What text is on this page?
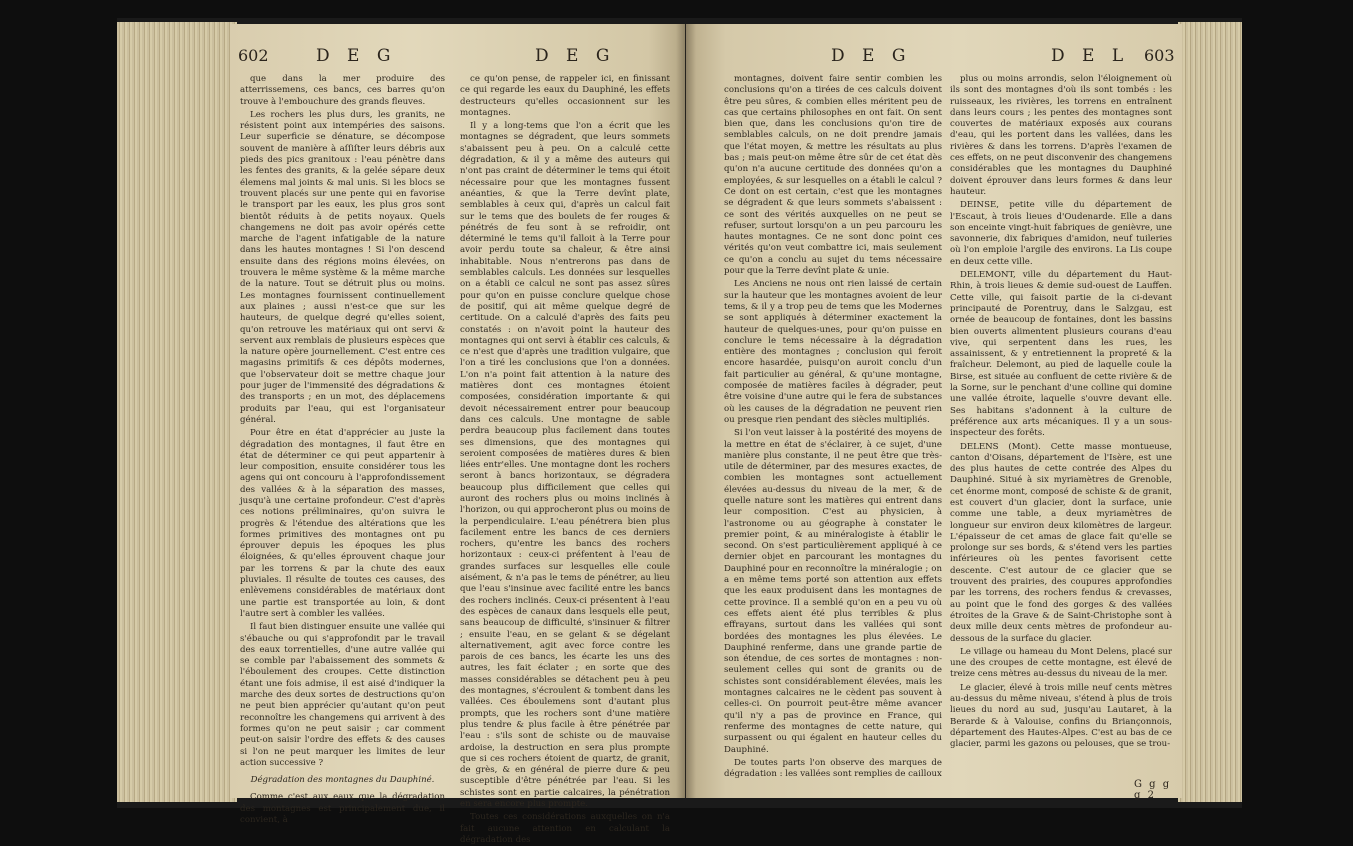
602	D E G	D E G

que dans la mer produire des atterrissemens, ces bancs, ces barres qu'on trouve à l'embouchure des grands fleuves.

Les rochers les plus durs, les granits, ne résistent point aux intempéries des saisons. Leur superficie se dénature, se décompose souvent de manière à aſſiſter leurs débris aux pieds des pics granitoux : l'eau pénètre dans les fentes des granits, & la gelée sépare deux élemens mal joints & mal unis. Si les blocs se trouvent placés sur une pente qui en favorise le transport par les eaux, les plus gros sont bientôt réduits à de petits noyaux. Quels changemens ne doit pas avoir opérés cette marche de l'agent infatigable de la nature dans les hautes montagnes ! Si l'on descend ensuite dans des régions moins élevées, on trouvera le même système & la même marche de la nature. Tout se détruit plus ou moins. Les montagnes fournissent continuellement aux plaines ; aussi n'est-ce que sur les hauteurs, de quelque degré qu'elles soient, qu'on retrouve les matériaux qui ont servi & servent aux remblais de plusieurs espèces que la nature opère journellement. C'est entre ces magasins primitifs & ces dépôts modernes, que l'observateur doit se mettre chaque jour pour juger de l'immensité des dégradations & des transports ; en un mot, des déplacemens produits par l'eau, qui est l'organisateur général.

Pour être en état d'apprécier au juste la dégradation des montagnes, il faut être en état de déterminer ce qui peut appartenir à leur composition, ensuite considérer tous les agens qui ont concouru à l'approfondissement des vallées & à la séparation des masses, jusqu'à une certaine profondeur. C'est d'après ces notions préliminaires, qu'on suivra le progrès & l'étendue des altérations que les formes primitives des montagnes ont pu éprouver depuis les époques les plus éloignées, & qu'elles éprouvent chaque jour par les torrens & par la chute des eaux pluviales. Il résulte de toutes ces causes, des enlèvemens considérables de matériaux dont une partie est transportée au loin, & dont l'autre sert à combler les vallées.

Il faut bien distinguer ensuite une vallée qui s'ébauche ou qui s'approfondit par le travail des eaux torrentielles, d'une autre vallée qui se comble par l'abaissement des sommets & l'éboulement des croupes. Cette distinction étant une fois admise, il est aisé d'indiquer la marche des deux sortes de destructions qu'on ne peut bien apprécier qu'autant qu'on peut reconnoître les changemens qui arrivent à des formes qu'on ne peut saisir ; car comment peut-on saisir l'ordre des effets & des causes si l'on ne peut marquer les limites de leur action successive ?

Dégradation des montagnes du Dauphiné.

Comme c'est aux eaux que la dégradation des montagnes est principalement due, il convient, à

ce qu'on pense, de rappeler ici, en finissant ce qui regarde les eaux du Dauphiné, les effets destructeurs qu'elles occasionnent sur les montagnes.

Il y a long-tems que l'on a écrit que les montagnes se dégradent, que leurs sommets s'abaissent peu à peu. On a calculé cette dégradation, & il y a même des auteurs qui n'ont pas craint de déterminer le tems qui étoit nécessaire pour que les montagnes fussent anéanties, & que la Terre devînt plate, semblables à ceux qui, d'après un calcul fait sur le tems que des boulets de fer rouges & pénétrés de feu sont à se refroidir, ont déterminé le tems qu'il falloit à la Terre pour avoir perdu toute sa chaleur, & être ainsi inhabitable. Nous n'entrerons pas dans de semblables calculs. Les données sur lesquelles on a établi ce calcul ne sont pas assez sûres pour qu'on en puisse conclure quelque chose de positif, qui ait même quelque degré de certitude. On a calculé d'après des faits peu constatés : on n'avoit point la hauteur des montagnes qui ont servi à établir ces calculs, & ce n'est que d'après une tradition vulgaire, que l'on a tiré les conclusions que l'on a données. L'on n'a point fait attention à la nature des matières dont ces montagnes étoient composées, considération importante & qui devoit nécessairement entrer pour beaucoup dans ces calculs. Une montagne de sable perdra beaucoup plus facilement dans toutes ses dimensions, que des montagnes qui seroient composées de matières dures & bien liées entr'elles. Une montagne dont les rochers seront à bancs horizontaux, se dégradera beaucoup plus difficilement que celles qui auront des rochers plus ou moins inclinés à l'horizon, ou qui approcheront plus ou moins de la perpendiculaire. L'eau pénétrera bien plus facilement entre les bancs de ces derniers rochers, qu'entre les bancs des rochers horizontaux : ceux-ci préfentent à l'eau de grandes surfaces sur lesquelles elle coule aisément, & n'a pas le tems de pénétrer, au lieu que l'eau s'insinue avec facilité entre les bancs des rochers inclinés. Ceux-ci présentent à l'eau des espèces de canaux dans lesquels elle peut, sans beaucoup de difficulté, s'insinuer & filtrer ; ensuite l'eau, en se gelant & se dégelant alternativement, agit avec force contre les parois de ces bancs, les écarte les uns des autres, les fait éclater ; en sorte que des masses considérables se détachent peu à peu des montagnes, s'écroulent & tombent dans les vallées. Ces éboulemens sont d'autant plus prompts, que les rochers sont d'une matière plus tendre & plus facile à être pénétrée par l'eau : s'ils sont de schiste ou de mauvaise ardoise, la destruction en sera plus prompte que si ces rochers étoient de quartz, de granit, de grès, & en général de pierre dure & peu susceptible d'être pénétrée par l'eau. Si les schistes sont en partie calcaires, la pénétration en sera encore plus prompte.

Toutes ces considérations auxquelles on n'a fait aucune attention en calculant la dégradation des

D E G	D E L 603

montagnes, doivent faire sentir combien les conclusions qu'on a tirées de ces calculs doivent être peu sûres, & combien elles méritent peu de cas que certains philosophes en ont fait. On sent bien que, dans les conclusions qu'on tire de semblables calculs, on ne doit prendre jamais que l'état moyen, & mettre les résultats au plus bas ; mais peut-on même être sûr de cet état dès qu'on n'a aucune certitude des données qu'on a employées, & sur lesquelles on a établi le calcul ? Ce dont on est certain, c'est que les montagnes se dégradent & que leurs sommets s'abaissent : ce sont des vérités auxquelles on ne peut se refuser, surtout lorsqu'on a un peu parcouru les hautes montagnes. Ce ne sont donc point ces vérités qu'on veut combattre ici, mais seulement ce qu'on a conclu au sujet du tems nécessaire pour que la Terre devînt plate & unie.

Les Anciens ne nous ont rien laissé de certain sur la hauteur que les montagnes avoient de leur tems, & il y a trop peu de tems que les Modernes se sont appliqués à déterminer exactement la hauteur de quelques-unes, pour qu'on puisse en conclure le tems nécessaire à la dégradation entière des montagnes ; conclusion qui feroit encore hasardée, puisqu'on auroit conclu d'un fait particulier au général, & qu'une montagne, composée de matières faciles à dégrader, peut être voisine d'une autre qui le fera de substances où les causes de la dégradation ne peuvent rien ou presque rien pendant des siècles multipliés.

Si l'on veut laisser à la postérité des moyens de la mettre en état de s'éclairer, à ce sujet, d'une manière plus constante, il ne peut être que très-utile de déterminer, par des mesures exactes, de combien les montagnes sont actuellement élevées au-dessus du niveau de la mer, & de quelle nature sont les matières qui entrent dans leur composition. C'est au physicien, à l'astronome ou au géographe à constater le premier point, & au minéralogiste à établir le second. On s'est particulièrement appliqué à ce dernier objet en parcourant les montagnes du Dauphiné pour en reconnoître la minéralogie ; on a en même tems porté son attention aux effets que les eaux produisent dans les montagnes de cette province. Il a semblé qu'on en a peu vu où ces effets aient été plus terribles & plus effrayans, surtout dans les vallées qui sont bordées des montagnes les plus élevées. Le Dauphiné renferme, dans une grande partie de son étendue, de ces sortes de montagnes : non-seulement celles qui sont de granits ou de schistes sont considérablement élevées, mais les montagnes calcaires ne le cèdent pas souvent à celles-ci. On pourroit peut-être même avancer qu'il n'y a pas de province en France, qui renferme des montagnes de cette nature, qui surpassent ou qui égalent en hauteur celles du Dauphiné.

De toutes parts l'on observe des marques de dégradation : les vallées sont remplies de cailloux

plus ou moins arrondis, selon l'éloignement où ils sont des montagnes d'où ils sont tombés : les ruisseaux, les rivières, les torrens en entraînent dans leurs cours ; les pentes des montagnes sont couvertes de matériaux exposés aux courans d'eau, qui les portent dans les vallées, dans les rivières & dans les torrens. D'après l'examen de ces effets, on ne peut disconvenir des changemens considérables que les montagnes du Dauphiné doivent éprouver dans leurs formes & dans leur hauteur.

DEINSE, petite ville du département de l'Escaut, à trois lieues d'Oudenarde. Elle a dans son enceinte vingt-huit fabriques de genièvre, une savonnerie, dix fabriques d'amidon, neuf tuileries où l'on emploie l'argile des environs. La Lis coupe en deux cette ville.

DELEMONT, ville du département du Haut-Rhin, à trois lieues & demie sud-ouest de Lauffen. Cette ville, qui faisoit partie de la ci-devant principauté de Porentruy, dans le Salzgau, est ornée de beaucoup de fontaines, dont les bassins bien ouverts alimentent plusieurs courans d'eau vive, qui serpentent dans les rues, les assainissent, & y entretiennent la propreté & la fraîcheur. Delemont, au pied de laquelle coule la Birse, est située au confluent de cette rivière & de la Sorne, sur le penchant d'une colline qui domine une vallée étroite, laquelle s'ouvre devant elle. Ses habitans s'adonnent à la culture de préférence aux arts mécaniques. Il y a un sous-inspecteur des forêts.

DELENS (Mont). Cette masse montueuse, canton d'Oisans, département de l'Isère, est une des plus hautes de cette contrée des Alpes du Dauphiné. Situé à six myriamètres de Grenoble, cet énorme mont, composé de schiste & de granit, est couvert d'un glacier, dont la surface, unie comme une table, a deux myriamètres de longueur sur environ deux kilomètres de largeur. L'épaisseur de cet amas de glace fait qu'elle se prolonge sur ses bords, & s'étend vers les parties inférieures où les pentes favorisent cette descente. C'est autour de ce glacier que se trouvent des prairies, des coupures approfondies par les torrens, des rochers fendus & crevasses, au point que le fond des gorges & des vallées étroites de la Grave & de Saint-Christophe sont à deux mille deux cents mètres de profondeur au-dessous de la surface du glacier.

Le village ou hameau du Mont Delens, placé sur une des croupes de cette montagne, est élevé de treize cens mètres au-dessus du niveau de la mer.

Le glacier, élevé à trois mille neuf cents mètres au-dessus du même niveau, s'étend à plus de trois lieues du nord au sud, jusqu'au Lautaret, à la Berarde & à Valouise, confins du Briançonnois, département des Hautes-Alpes. C'est au bas de ce glacier, parmi les gazons ou pelouses, que se trou-

G g g g 2
